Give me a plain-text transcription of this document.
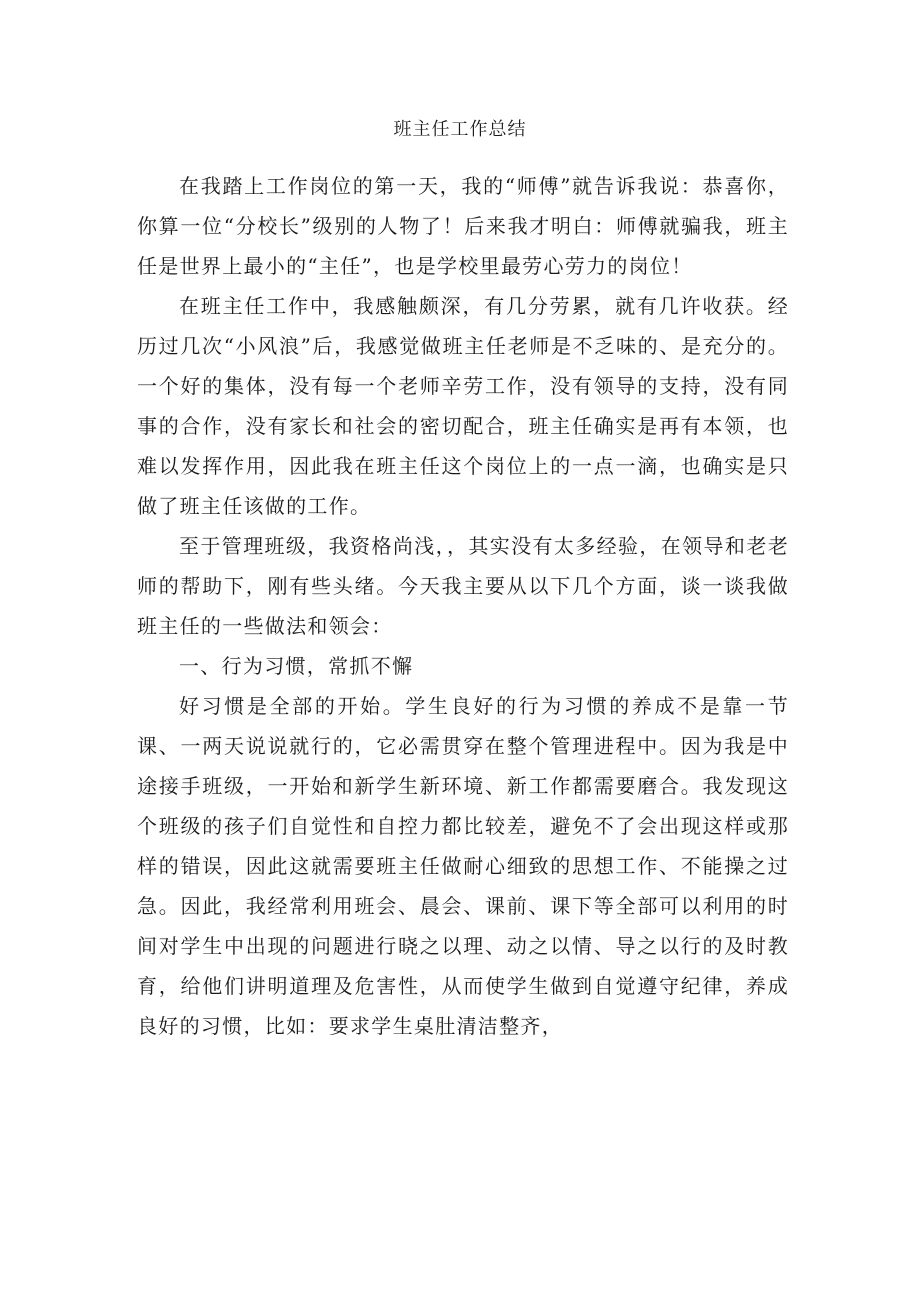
班主任工作总结

在我踏上工作岗位的第一天，我的“师傅”就告诉我说：恭喜你，你算一位“分校长”级别的人物了！后来我才明白：师傅就骗我，班主任是世界上最小的“主任”，也是学校里最劳心劳力的岗位！

在班主任工作中，我感触颇深，有几分劳累，就有几许收获。经历过几次“小风浪”后，我感觉做班主任老师是不乏味的、是充分的。一个好的集体，没有每一个老师辛劳工作，没有领导的支持，没有同事的合作，没有家长和社会的密切配合，班主任确实是再有本领，也难以发挥作用，因此我在班主任这个岗位上的一点一滴，也确实是只做了班主任该做的工作。

至于管理班级，我资格尚浅，，其实没有太多经验，在领导和老老师的帮助下，刚有些头绪。今天我主要从以下几个方面，谈一谈我做班主任的一些做法和领会：

一、行为习惯，常抓不懈

好习惯是全部的开始。学生良好的行为习惯的养成不是靠一节课、一两天说说就行的，它必需贯穿在整个管理进程中。因为我是中途接手班级，一开始和新学生新环境、新工作都需要磨合。我发现这个班级的孩子们自觉性和自控力都比较差，避免不了会出现这样或那样的错误，因此这就需要班主任做耐心细致的思想工作、不能操之过急。因此，我经常利用班会、晨会、课前、课下等全部可以利用的时间对学生中出现的问题进行晓之以理、动之以情、导之以行的及时教育，给他们讲明道理及危害性，从而使学生做到自觉遵守纪律，养成良好的习惯，比如：要求学生桌肚清洁整齐，
